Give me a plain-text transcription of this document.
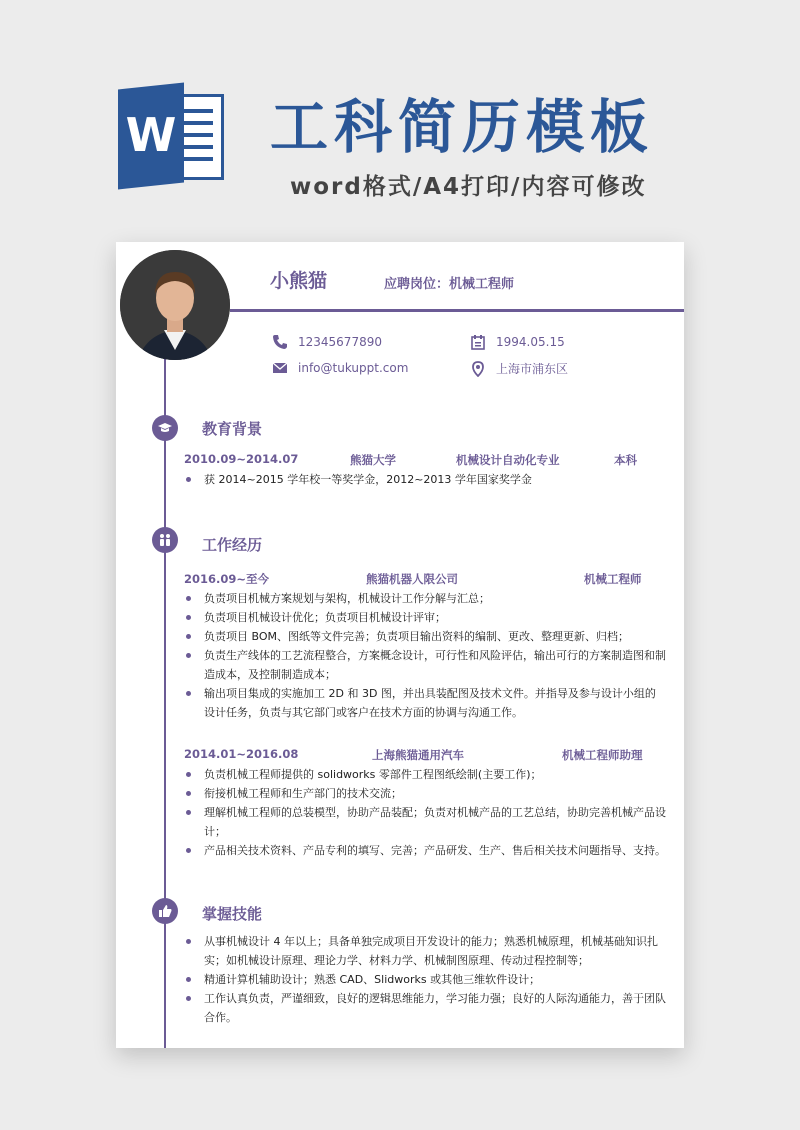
W 工科简历模板
word格式/A4打印/内容可修改
小熊猫	应聘岗位：机械工程师
12345677890	1994.05.15
info@tukuppt.com	上海市浦东区
教育背景
2010.09~2014.07	熊猫大学	机械设计自动化专业	本科
获 2014~2015 学年校一等奖学金，2012~2013 学年国家奖学金
工作经历
2016.09~至今	熊猫机器人限公司	机械工程师
负责项目机械方案规划与架构，机械设计工作分解与汇总；
负责项目机械设计优化；负责项目机械设计评审；
负责项目 BOM、图纸等文件完善；负责项目输出资料的编制、更改、整理更新、归档；
负责生产线体的工艺流程整合，方案概念设计，可行性和风险评估，输出可行的方案制造图和制造成本，及控制制造成本；
输出项目集成的实施加工 2D 和 3D 图，并出具装配图及技术文件。并指导及参与设计小组的设计任务，负责与其它部门或客户在技术方面的协调与沟通工作。
2014.01~2016.08	上海熊猫通用汽车	机械工程师助理
负责机械工程师提供的 solidworks 零部件工程图纸绘制(主要工作)；
衔接机械工程师和生产部门的技术交流；
理解机械工程师的总装模型，协助产品装配；负责对机械产品的工艺总结，协助完善机械产品设计；
产品相关技术资料、产品专利的填写、完善；产品研发、生产、售后相关技术问题指导、支持。
掌握技能
从事机械设计 4 年以上；具备单独完成项目开发设计的能力；熟悉机械原理，机械基础知识扎实；如机械设计原理、理论力学、材料力学、机械制图原理、传动过程控制等；
精通计算机辅助设计；熟悉 CAD、Slidworks 或其他三维软件设计；
工作认真负责，严谨细致，良好的逻辑思维能力，学习能力强；良好的人际沟通能力，善于团队合作。
